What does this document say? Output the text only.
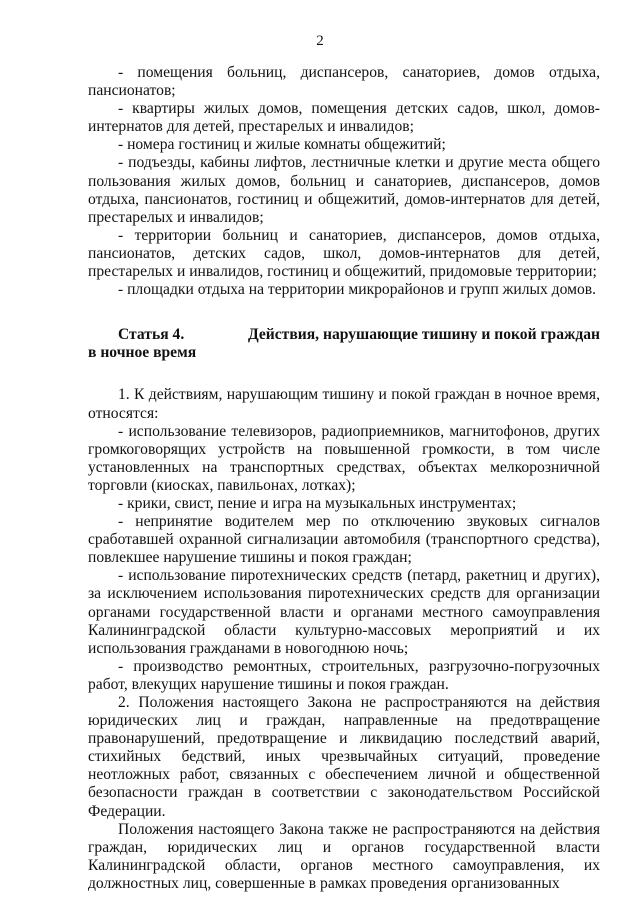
2

- помещения больниц, диспансеров, санаториев, домов отдыха, пансионатов;

- квартиры жилых домов, помещения детских садов, школ, домов-интернатов для детей, престарелых и инвалидов;

- номера гостиниц и жилые комнаты общежитий;

- подъезды, кабины лифтов, лестничные клетки и другие места общего пользования жилых домов, больниц и санаториев, диспансеров, домов отдыха, пансионатов, гостиниц и общежитий, домов-интернатов для детей, престарелых и инвалидов;

- территории больниц и санаториев, диспансеров, домов отдыха, пансионатов, детских садов, школ, домов-интернатов для детей, престарелых и инвалидов, гостиниц и общежитий, придомовые территории;

- площадки отдыха на территории микрорайонов и групп жилых домов.

Статья 4.	Действия, нарушающие тишину и покой граждан
в ночное время

1. К действиям, нарушающим тишину и покой граждан в ночное время, относятся:

- использование телевизоров, радиоприемников, магнитофонов, других громкоговорящих устройств на повышенной громкости, в том числе установленных на транспортных средствах, объектах мелкорозничной торговли (киосках, павильонах, лотках);

- крики, свист, пение и игра на музыкальных инструментах;

- непринятие водителем мер по отключению звуковых сигналов сработавшей охранной сигнализации автомобиля (транспортного средства), повлекшее нарушение тишины и покоя граждан;

- использование пиротехнических средств (петард, ракетниц и других), за исключением использования пиротехнических средств для организации органами государственной власти и органами местного самоуправления Калининградской области культурно-массовых мероприятий и их использования гражданами в новогоднюю ночь;

- производство ремонтных, строительных, разгрузочно-погрузочных работ, влекущих нарушение тишины и покоя граждан.

2. Положения настоящего Закона не распространяются на действия юридических лиц и граждан, направленные на предотвращение правонарушений, предотвращение и ликвидацию последствий аварий, стихийных бедствий, иных чрезвычайных ситуаций, проведение неотложных работ, связанных с обеспечением личной и общественной безопасности граждан в соответствии с законодательством Российской Федерации.

Положения настоящего Закона также не распространяются на действия граждан, юридических лиц и органов государственной власти Калининградской области, органов местного самоуправления, их должностных лиц, совершенные в рамках проведения организованных
